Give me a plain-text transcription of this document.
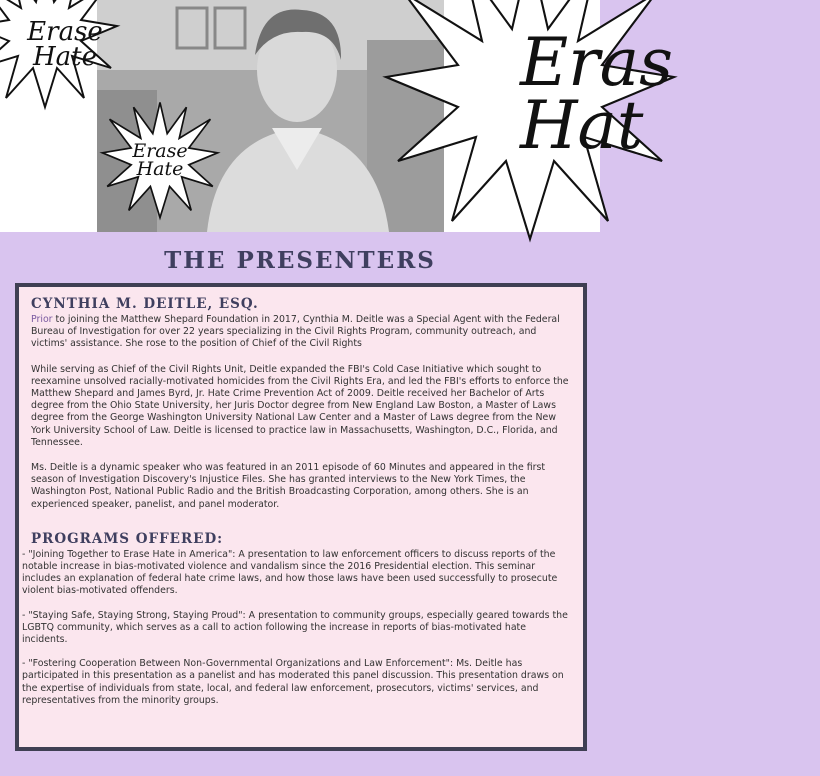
Erase
Hate
Erase
Hate
Eras
Hat
THE PRESENTERS
CYNTHIA M. DEITLE, ESQ.

Prior to joining the Matthew Shepard Foundation in 2017, Cynthia M. Deitle was a Special Agent with the Federal Bureau of Investigation for over 22 years specializing in the Civil Rights Program, community outreach, and victims' assistance. She rose to the position of Chief of the Civil Rights

While serving as Chief of the Civil Rights Unit, Deitle expanded the FBI's Cold Case Initiative which sought to reexamine unsolved racially-motivated homicides from the Civil Rights Era, and led the FBI's efforts to enforce the Matthew Shepard and James Byrd, Jr. Hate Crime Prevention Act of 2009. Deitle received her Bachelor of Arts degree from the Ohio State University, her Juris Doctor degree from New England Law Boston, a Master of Laws degree from the George Washington University National Law Center and a Master of Laws degree from the New York University School of Law. Deitle is licensed to practice law in Massachusetts, Washington, D.C., Florida, and Tennessee.

Ms. Deitle is a dynamic speaker who was featured in an 2011 episode of 60 Minutes and appeared in the first season of Investigation Discovery's Injustice Files. She has granted interviews to the New York Times, the Washington Post, National Public Radio and the British Broadcasting Corporation, among others. She is an experienced speaker, panelist, and panel moderator.

PROGRAMS OFFERED:

- "Joining Together to Erase Hate in America": A presentation to law enforcement officers to discuss reports of the notable increase in bias-motivated violence and vandalism since the 2016 Presidential election. This seminar includes an explanation of federal hate crime laws, and how those laws have been used successfully to prosecute violent bias-motivated offenders.

- "Staying Safe, Staying Strong, Staying Proud": A presentation to community groups, especially geared towards the LGBTQ community, which serves as a call to action following the increase in reports of bias-motivated hate incidents.

- "Fostering Cooperation Between Non-Governmental Organizations and Law Enforcement": Ms. Deitle has participated in this presentation as a panelist and has moderated this panel discussion. This presentation draws on the expertise of individuals from state, local, and federal law enforcement, prosecutors, victims' services, and representatives from the minority groups.
